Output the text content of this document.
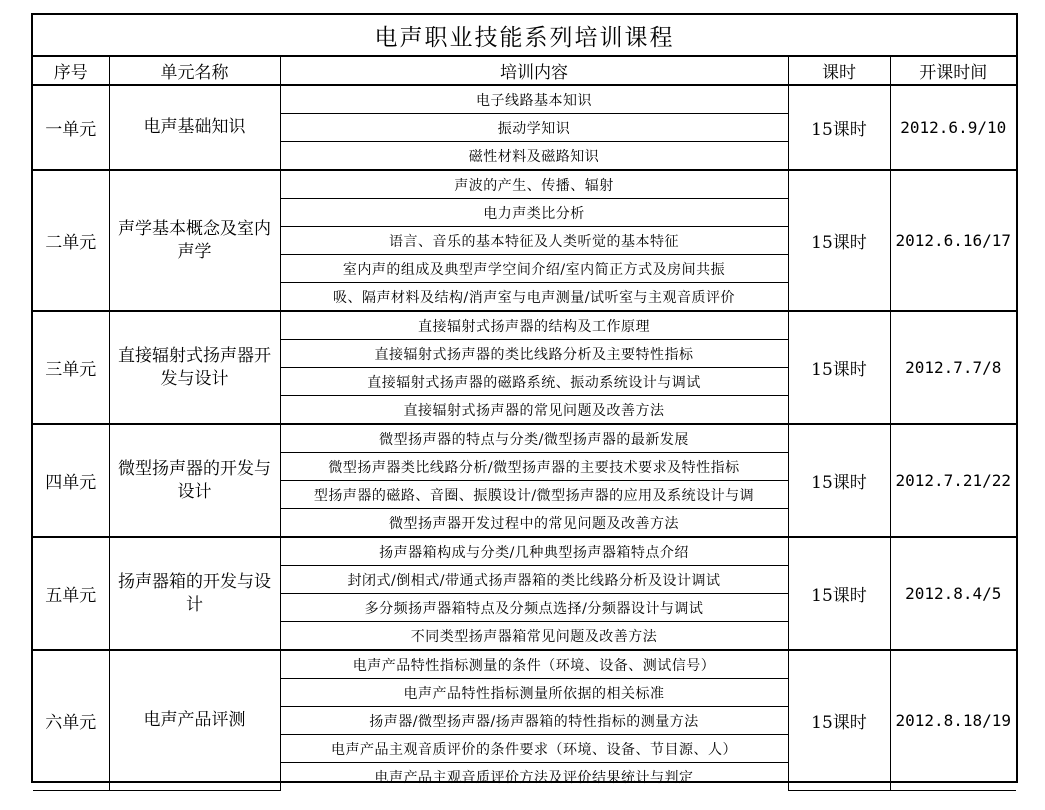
电声职业技能系列培训课程
序号	单元名称	培训内容	课时	开课时间
一单元	电声基础知识	电子线路基本知识	15课时	2012.6.9/10

		振动学知识		

		磁性材料及磁路知识		

二单元	声学基本概念及室内声学	声波的产生、传播、辐射	15课时	2012.6.16/17

		电力声类比分析		

		语言、音乐的基本特征及人类听觉的基本特征		

		室内声的组成及典型声学空间介绍/室内简正方式及房间共振		

		吸、隔声材料及结构/消声室与电声测量/试听室与主观音质评价		

三单元	直接辐射式扬声器开发与设计	直接辐射式扬声器的结构及工作原理	15课时	2012.7.7/8

		直接辐射式扬声器的类比线路分析及主要特性指标		

		直接辐射式扬声器的磁路系统、振动系统设计与调试		

		直接辐射式扬声器的常见问题及改善方法		

四单元	微型扬声器的开发与设计	微型扬声器的特点与分类/微型扬声器的最新发展	15课时	2012.7.21/22

		微型扬声器类比线路分析/微型扬声器的主要技术要求及特性指标		

		型扬声器的磁路、音圈、振膜设计/微型扬声器的应用及系统设计与调		

		微型扬声器开发过程中的常见问题及改善方法		

五单元	扬声器箱的开发与设计	扬声器箱构成与分类/几种典型扬声器箱特点介绍	15课时	2012.8.4/5

		封闭式/倒相式/带通式扬声器箱的类比线路分析及设计调试		

		多分频扬声器箱特点及分频点选择/分频器设计与调试		

		不同类型扬声器箱常见问题及改善方法		

六单元	电声产品评测	电声产品特性指标测量的条件（环境、设备、测试信号）	15课时	2012.8.18/19

		电声产品特性指标测量所依据的相关标准		

		扬声器/微型扬声器/扬声器箱的特性指标的测量方法		

		电声产品主观音质评价的条件要求（环境、设备、节目源、人）		

		电声产品主观音质评价方法及评价结果统计与判定		
